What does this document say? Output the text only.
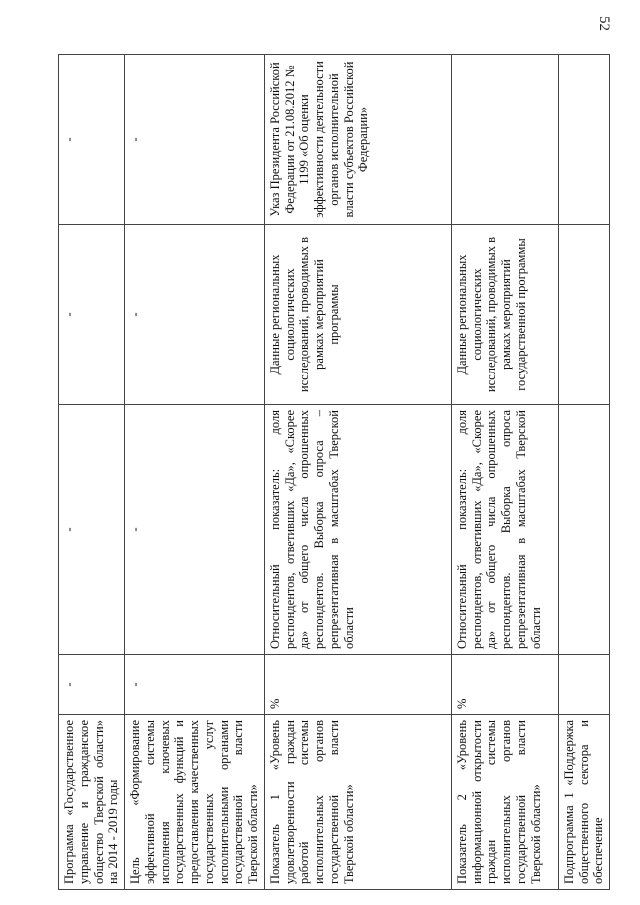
52
Программа «Государственное управление и гражданское общество Тверской области» на 2014 - 2019 годы	-	-	-	-
Цель «Формирование эффективной системы исполнения ключевых государственных функций и предоставления качественных государственных услуг исполнительными органами государственной власти Тверской области»	-	-	-	-
Показатель 1 «Уровень удовлетворенности граждан работой системы исполнительных органов государственной власти Тверской области»	%	Относительный показатель: доля респондентов, ответивших «Да», «Скорее да» от общего числа опрошенных респондентов. Выборка опроса – репрезентативная в масштабах Тверской области	Данные региональных социологических исследований, проводимых в рамках мероприятий программы	Указ Президента Российской Федерации от 21.08.2012 № 1199 «Об оценки эффективности деятельности органов исполнительной власти субъектов Российской Федерации»
Показатель 2 «Уровень информационной открытости граждан системы исполнительных органов государственной власти Тверской области»	%	Относительный показатель: доля респондентов, ответивших «Да», «Скорее да» от общего числа опрошенных респондентов. Выборка опроса репрезентативная в масштабах Тверской области	Данные региональных социологических исследований, проводимых в рамках мероприятий государственной программы	
Подпрограмма 1 «Поддержка общественного сектора и обеспечение				
